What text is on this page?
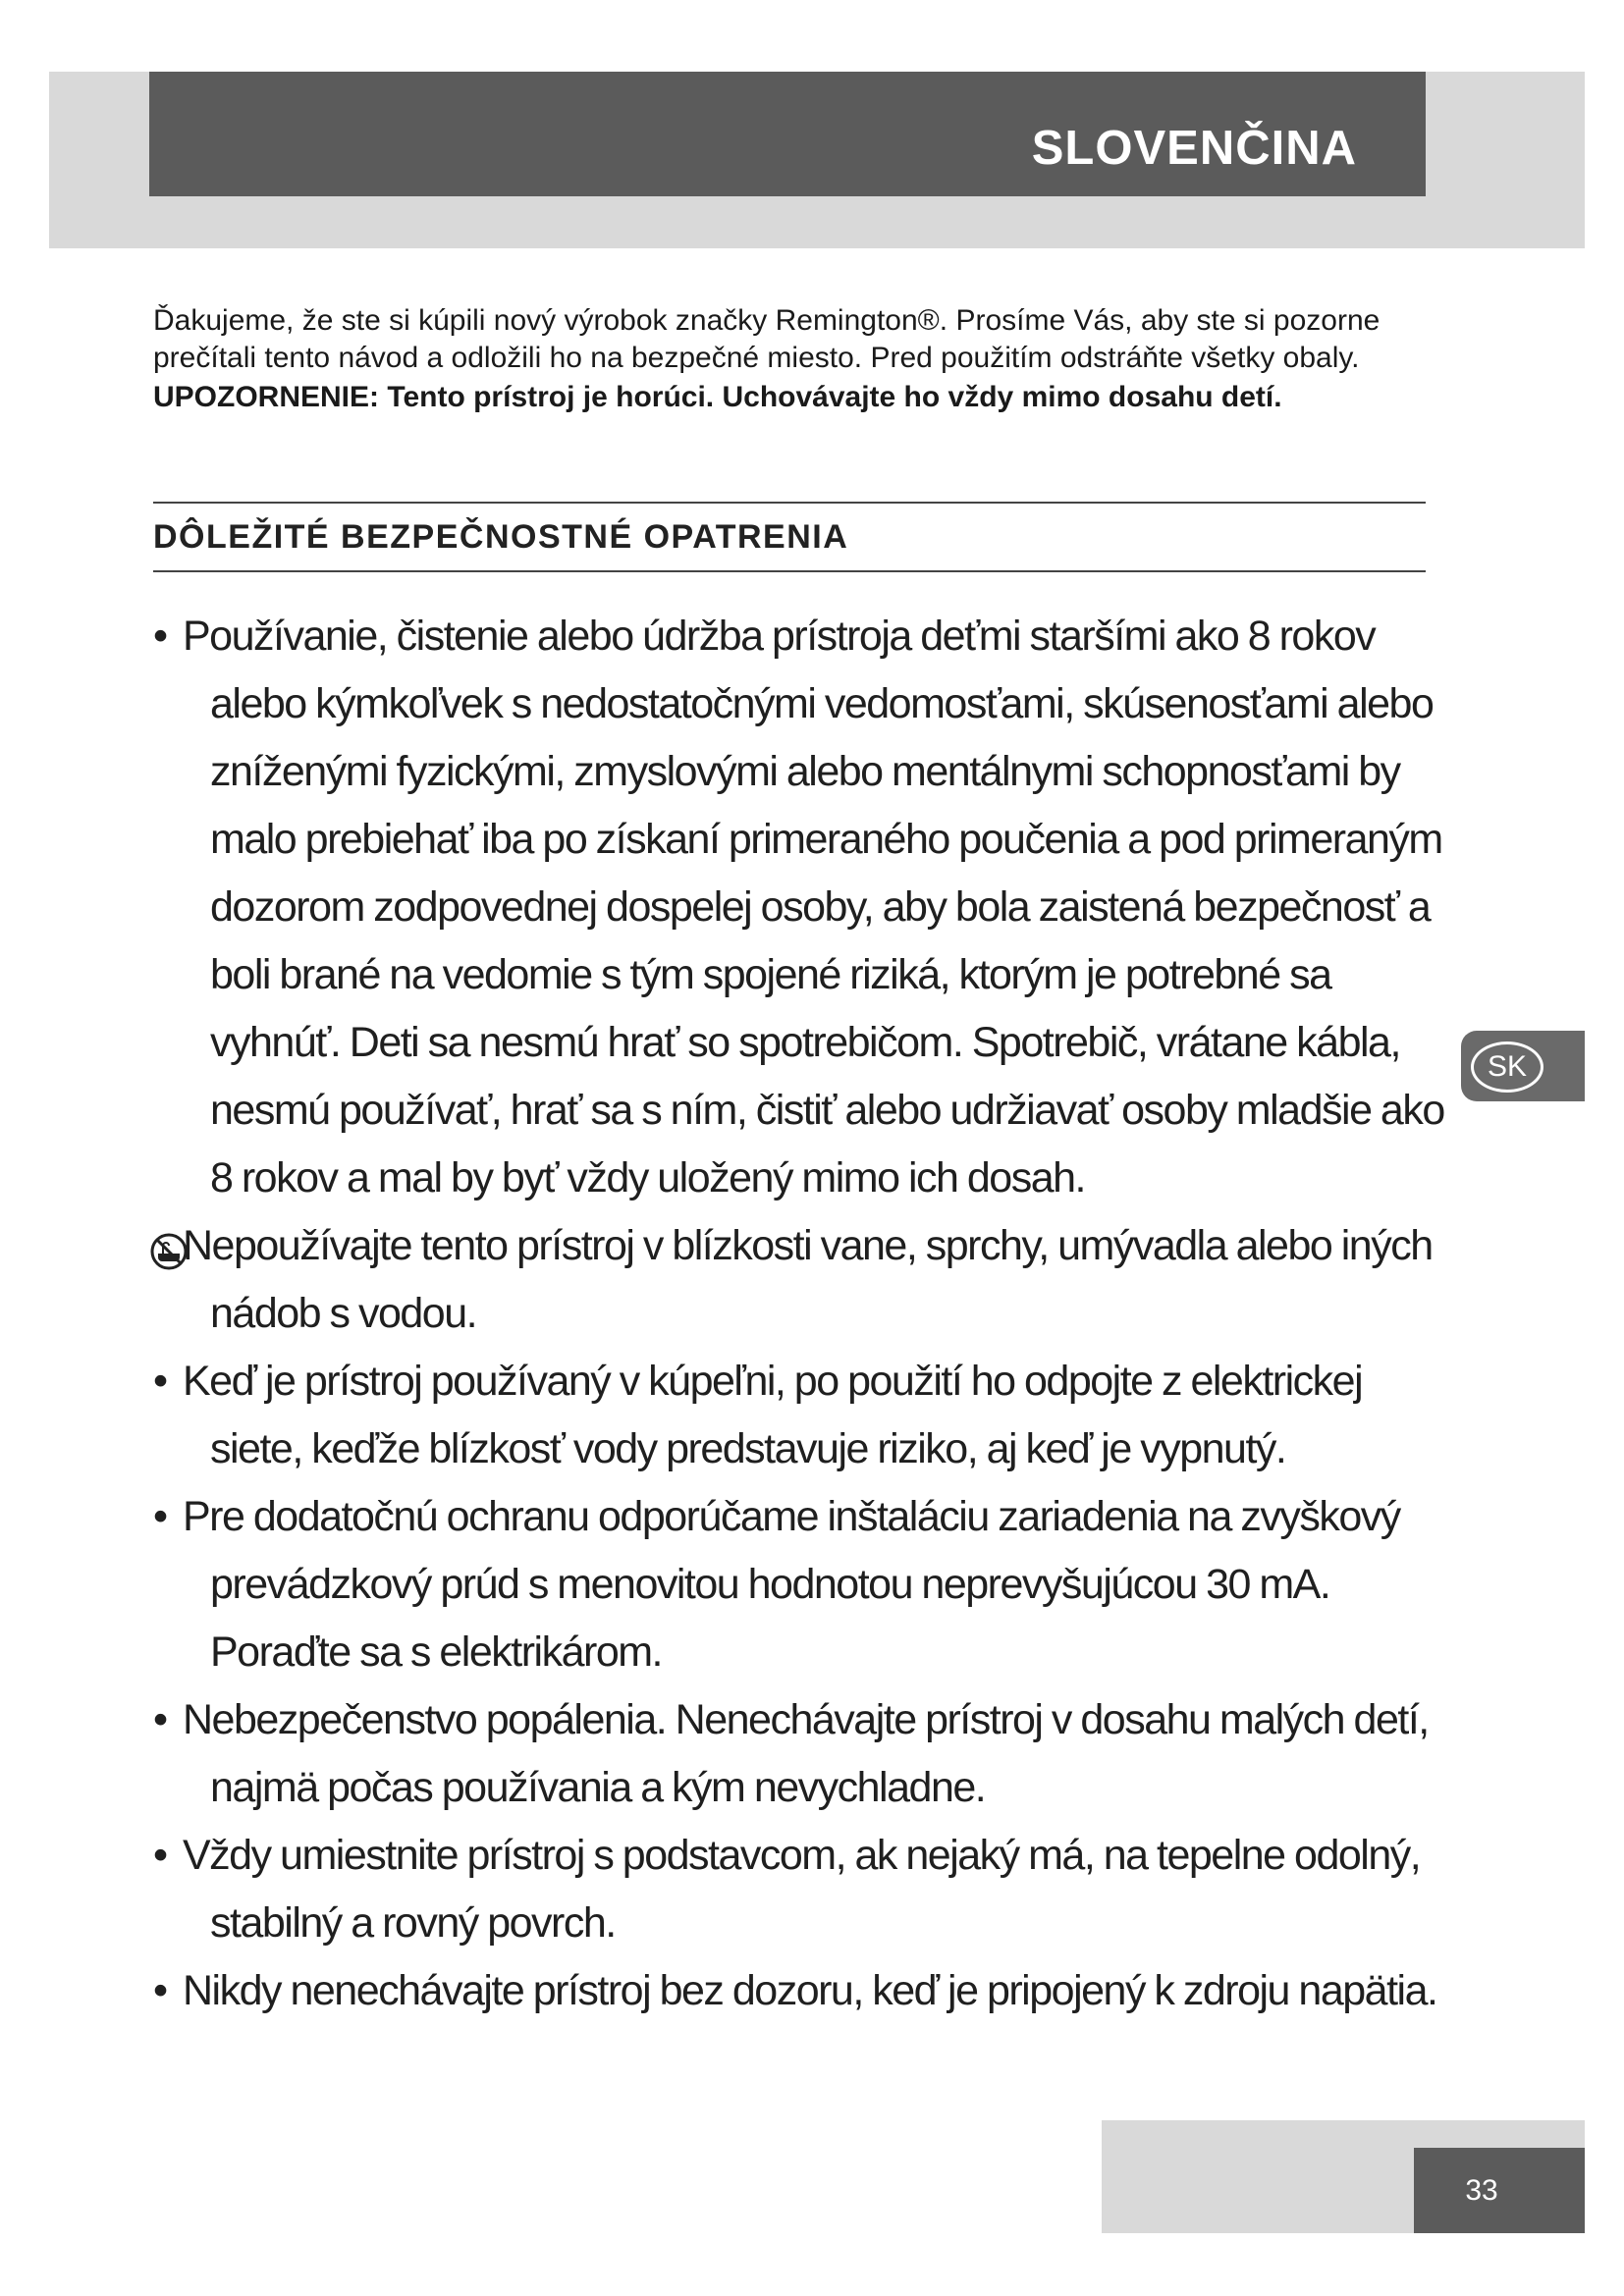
SLOVENČINA

Ďakujeme, že ste si kúpili nový výrobok značky Remington®. Prosíme Vás, aby ste si pozorne prečítali tento návod a odložili ho na bezpečné miesto. Pred použitím odstráňte všetky obaly.

UPOZORNENIE: Tento prístroj je horúci. Uchovávajte ho vždy mimo dosahu detí.

DÔLEŽITÉ BEZPEČNOSTNÉ OPATRENIA
• Používanie, čistenie alebo údržba prístroja deťmi staršími ako 8 rokov alebo kýmkoľvek s nedostatočnými vedomosťami, skúsenosťami alebo zníženými fyzickými, zmyslovými alebo mentálnymi schopnosťami by malo prebiehať iba po získaní primeraného poučenia a pod primeraným dozorom zodpovednej dospelej osoby, aby bola zaistená bezpečnosť a boli brané na vedomie s tým spojené riziká, ktorým je potrebné sa vyhnúť. Deti sa nesmú hrať so spotrebičom. Spotrebič, vrátane kábla, nesmú používať, hrať sa s ním, čistiť alebo udržiavať osoby mladšie ako 8 rokov a mal by byť vždy uložený mimo ich dosah.
Nepoužívajte tento prístroj v blízkosti vane, sprchy, umývadla alebo iných nádob s vodou.
• Keď je prístroj používaný v kúpeľni, po použití ho odpojte z elektrickej siete, keďže blízkosť vody predstavuje riziko, aj keď je vypnutý.
• Pre dodatočnú ochranu odporúčame inštaláciu zariadenia na zvyškový prevádzkový prúd s menovitou hodnotou neprevyšujúcou 30 mA. Poraďte sa s elektrikárom.
• Nebezpečenstvo popálenia. Nenechávajte prístroj v dosahu malých detí, najmä počas používania a kým nevychladne.
• Vždy umiestnite prístroj s podstavcom, ak nejaký má, na tepelne odolný, stabilný a rovný povrch.
• Nikdy nenechávajte prístroj bez dozoru, keď je pripojený k zdroju napätia.
SK
33
